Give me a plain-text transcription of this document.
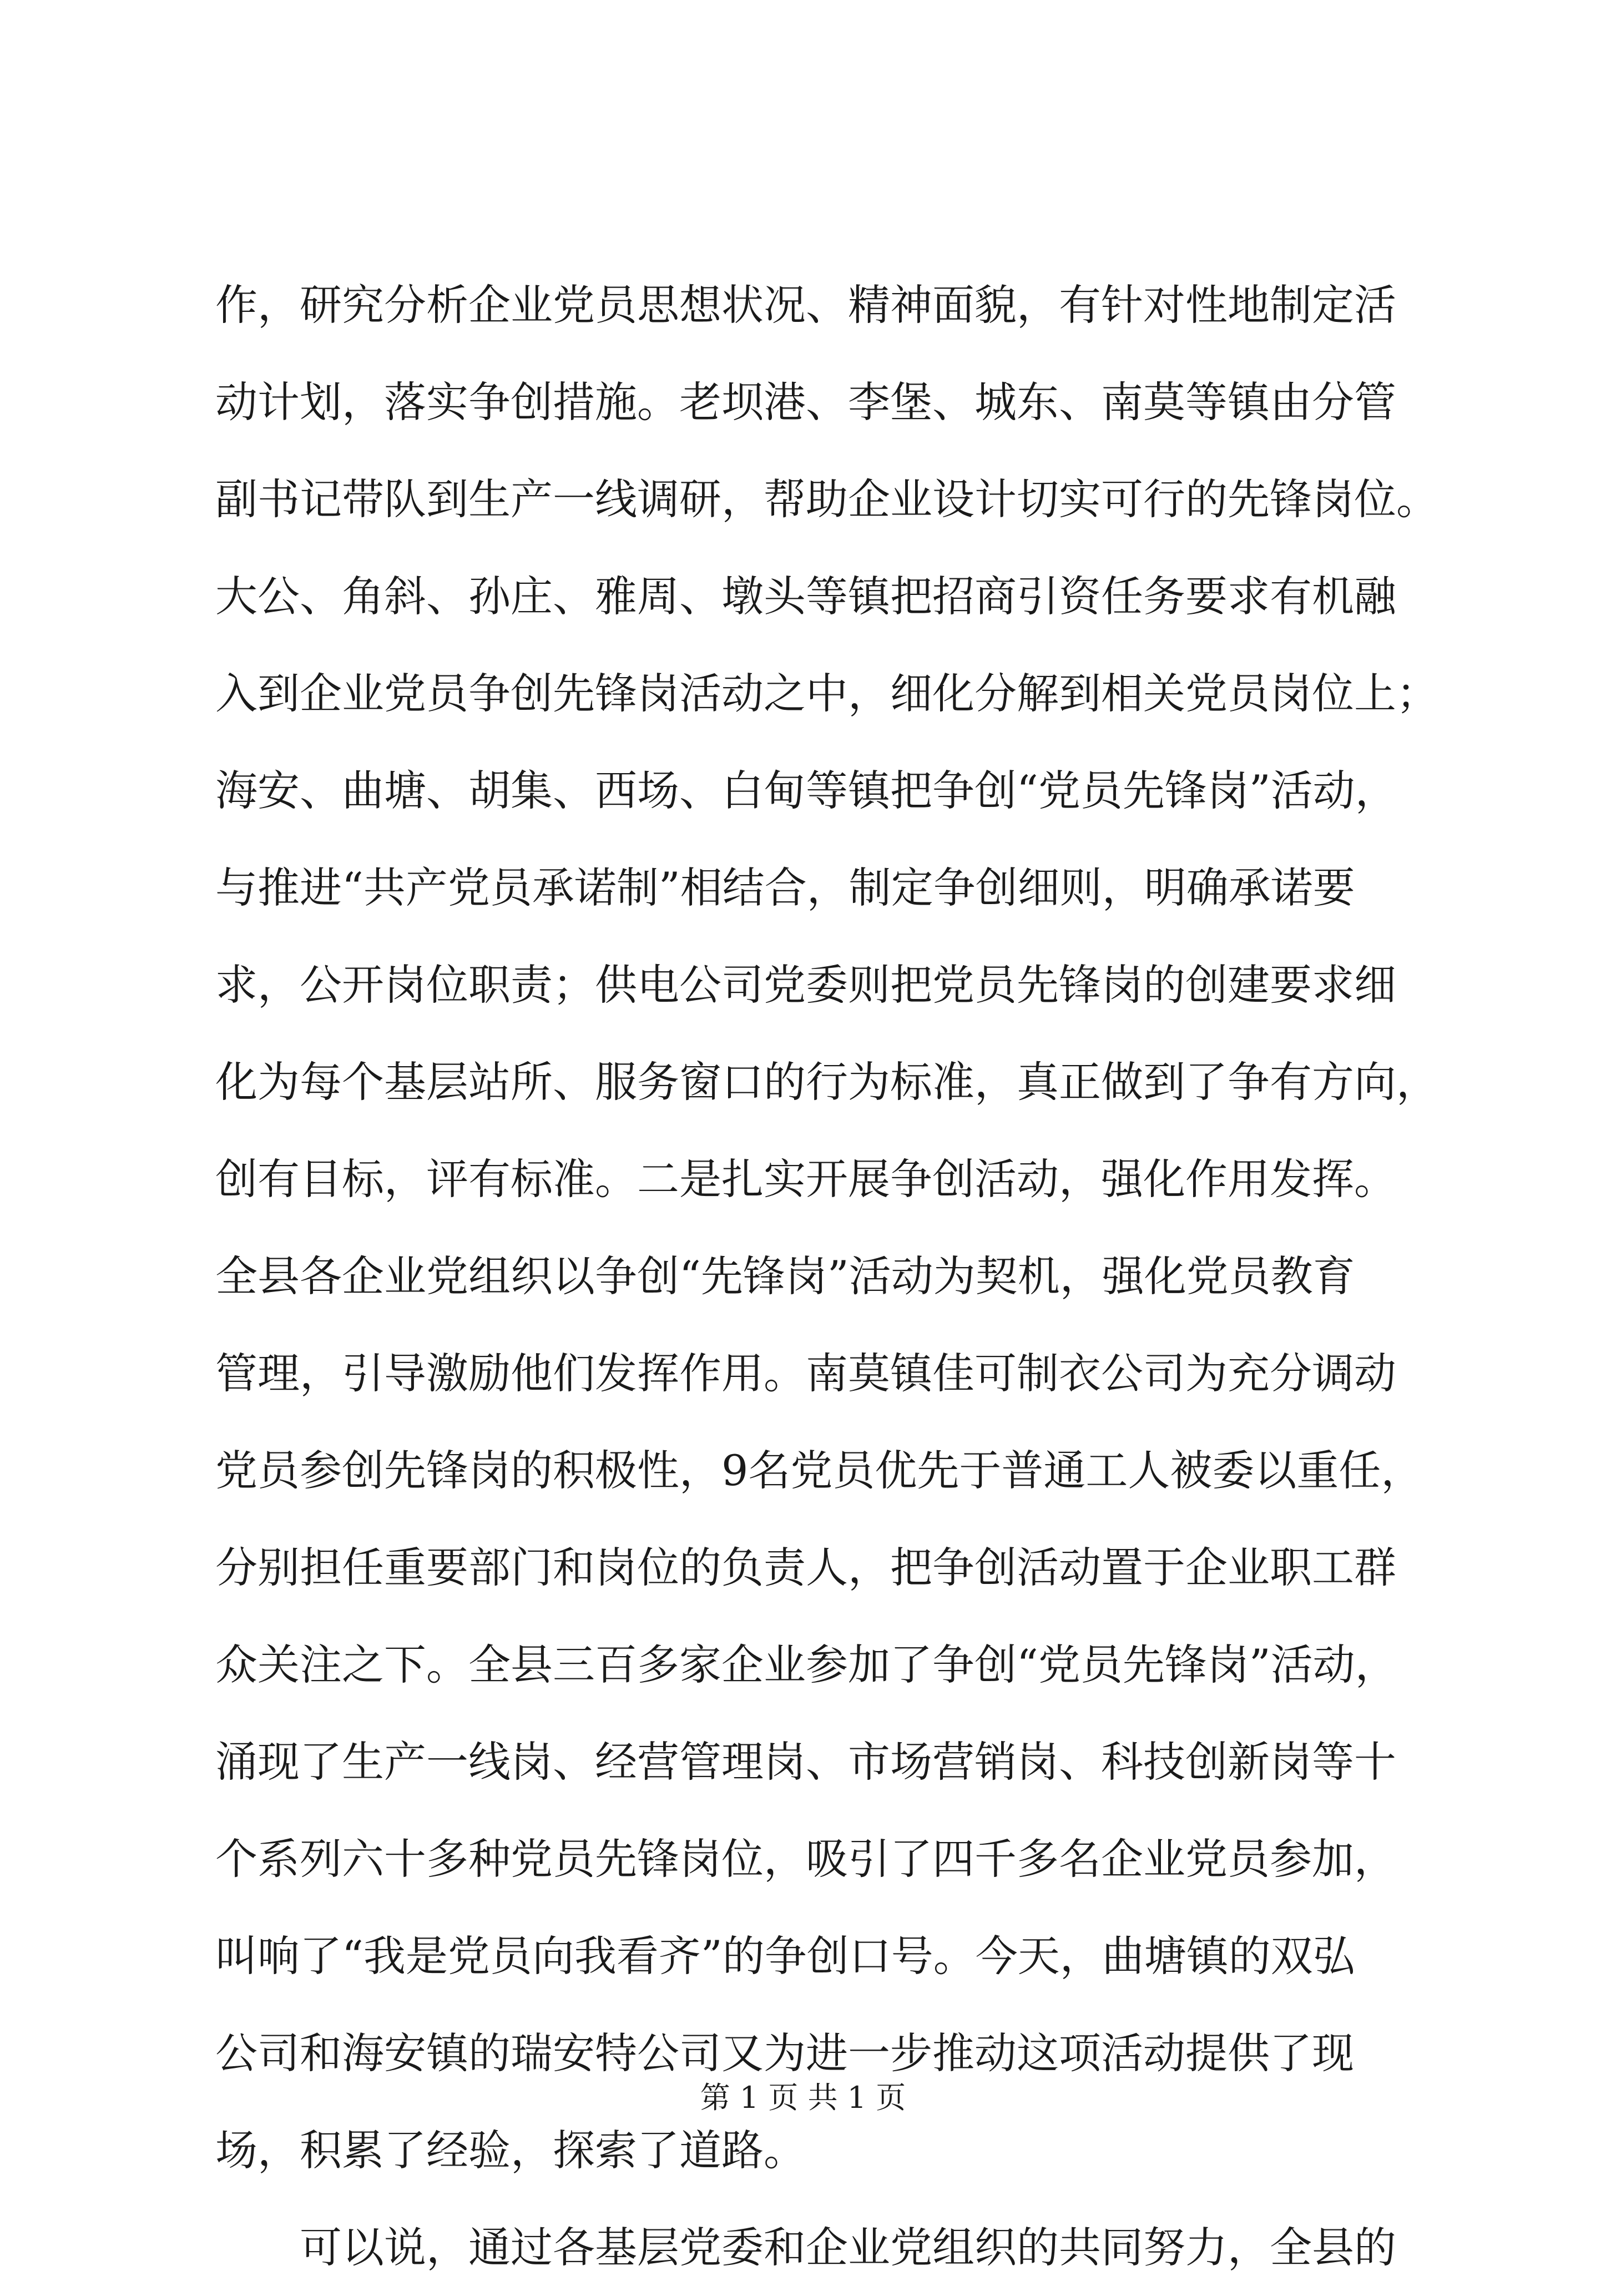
作，研究分析企业党员思想状况、精神面貌，有针对性地制定活
动计划，落实争创措施。老坝港、李堡、城东、南莫等镇由分管
副书记带队到生产一线调研，帮助企业设计切实可行的先锋岗位。
大公、角斜、孙庄、雅周、墩头等镇把招商引资任务要求有机融
入到企业党员争创先锋岗活动之中，细化分解到相关党员岗位上；
海安、曲塘、胡集、西场、白甸等镇把争创“党员先锋岗”活动，
与推进“共产党员承诺制”相结合，制定争创细则，明确承诺要
求，公开岗位职责；供电公司党委则把党员先锋岗的创建要求细
化为每个基层站所、服务窗口的行为标准，真正做到了争有方向，
创有目标，评有标准。二是扎实开展争创活动，强化作用发挥。
全县各企业党组织以争创“先锋岗”活动为契机，强化党员教育
管理，引导激励他们发挥作用。南莫镇佳可制衣公司为充分调动
党员参创先锋岗的积极性，9名党员优先于普通工人被委以重任，
分别担任重要部门和岗位的负责人，把争创活动置于企业职工群
众关注之下。全县三百多家企业参加了争创“党员先锋岗”活动，
涌现了生产一线岗、经营管理岗、市场营销岗、科技创新岗等十
个系列六十多种党员先锋岗位，吸引了四千多名企业党员参加，
叫响了“我是党员向我看齐”的争创口号。今天，曲塘镇的双弘
公司和海安镇的瑞安特公司又为进一步推动这项活动提供了现
场，积累了经验，探索了道路。
可以说，通过各基层党委和企业党组织的共同努力，全县的
第 1 页 共 1 页
